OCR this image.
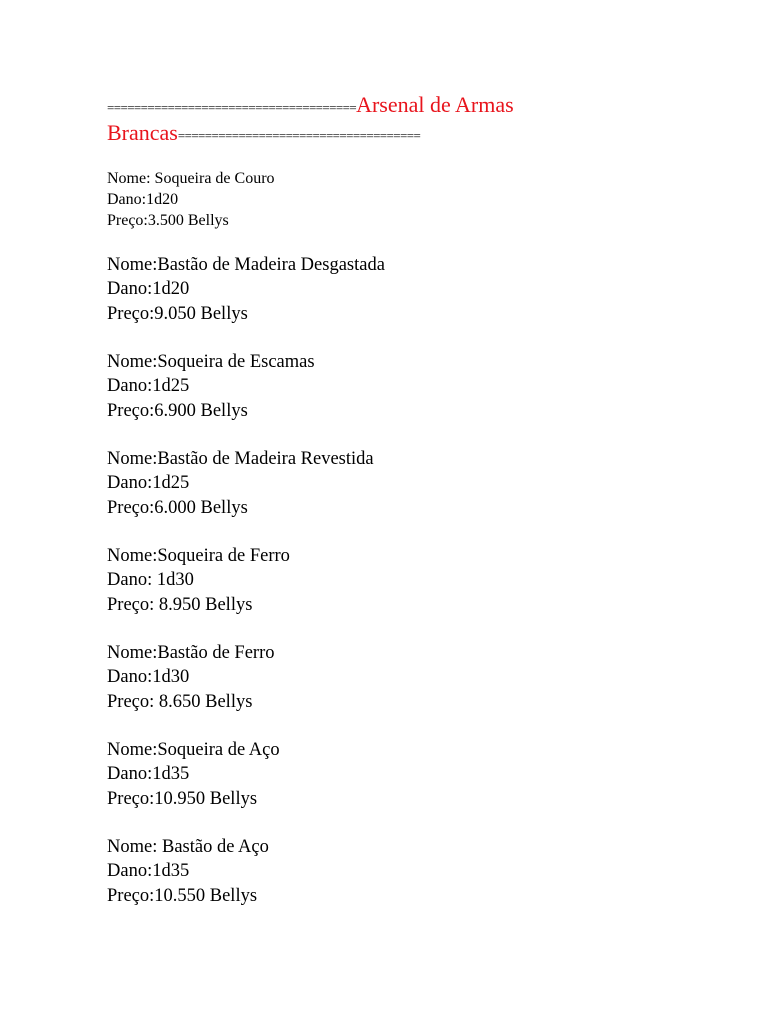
=====================================Arsenal de Armas
Brancas====================================
Nome: Soqueira de Couro
Dano:1d20
Preço:3.500 Bellys
Nome:Bastão de Madeira Desgastada
Dano:1d20
Preço:9.050 Bellys
Nome:Soqueira de Escamas
Dano:1d25
Preço:6.900 Bellys
Nome:Bastão de Madeira Revestida
Dano:1d25
Preço:6.000 Bellys
Nome:Soqueira de Ferro
Dano: 1d30
Preço: 8.950 Bellys
Nome:Bastão de Ferro
Dano:1d30
Preço: 8.650 Bellys
Nome:Soqueira de Aço
Dano:1d35
Preço:10.950 Bellys
Nome: Bastão de Aço
Dano:1d35
Preço:10.550 Bellys
